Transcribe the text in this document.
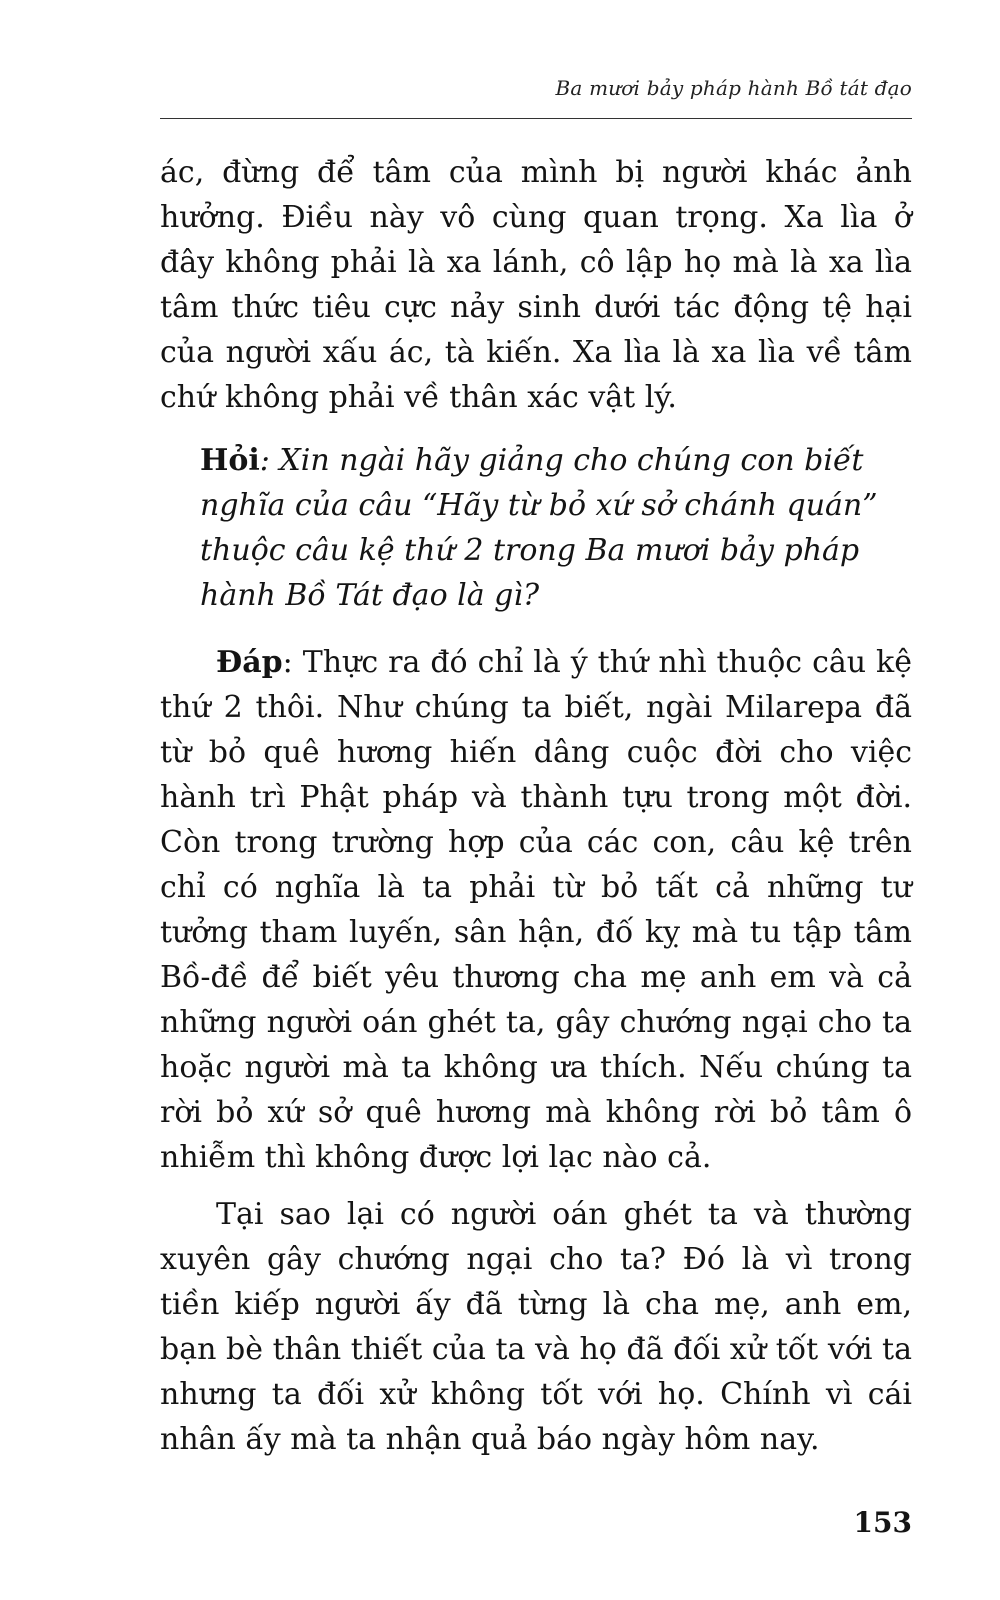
Ba mươi bảy pháp hành Bồ tát đạo

ác, đừng để tâm của mình bị người khác ảnh hưởng. Điều này vô cùng quan trọng. Xa lìa ở đây không phải là xa lánh, cô lập họ mà là xa lìa tâm thức tiêu cực nảy sinh dưới tác động tệ hại của người xấu ác, tà kiến. Xa lìa là xa lìa về tâm chứ không phải về thân xác vật lý.

Hỏi: Xin ngài hãy giảng cho chúng con biết nghĩa của câu “Hãy từ bỏ xứ sở chánh quán” thuộc câu kệ thứ 2 trong Ba mươi bảy pháp hành Bồ Tát đạo là gì?

Đáp: Thực ra đó chỉ là ý thứ nhì thuộc câu kệ thứ 2 thôi. Như chúng ta biết, ngài Milarepa đã từ bỏ quê hương hiến dâng cuộc đời cho việc hành trì Phật pháp và thành tựu trong một đời. Còn trong trường hợp của các con, câu kệ trên chỉ có nghĩa là ta phải từ bỏ tất cả những tư tưởng tham luyến, sân hận, đố kỵ mà tu tập tâm Bồ-đề để biết yêu thương cha mẹ anh em và cả những người oán ghét ta, gây chướng ngại cho ta hoặc người mà ta không ưa thích. Nếu chúng ta rời bỏ xứ sở quê hương mà không rời bỏ tâm ô nhiễm thì không được lợi lạc nào cả.

Tại sao lại có người oán ghét ta và thường xuyên gây chướng ngại cho ta? Đó là vì trong tiền kiếp người ấy đã từng là cha mẹ, anh em, bạn bè thân thiết của ta và họ đã đối xử tốt với ta nhưng ta đối xử không tốt với họ. Chính vì cái nhân ấy mà ta nhận quả báo ngày hôm nay.

153
